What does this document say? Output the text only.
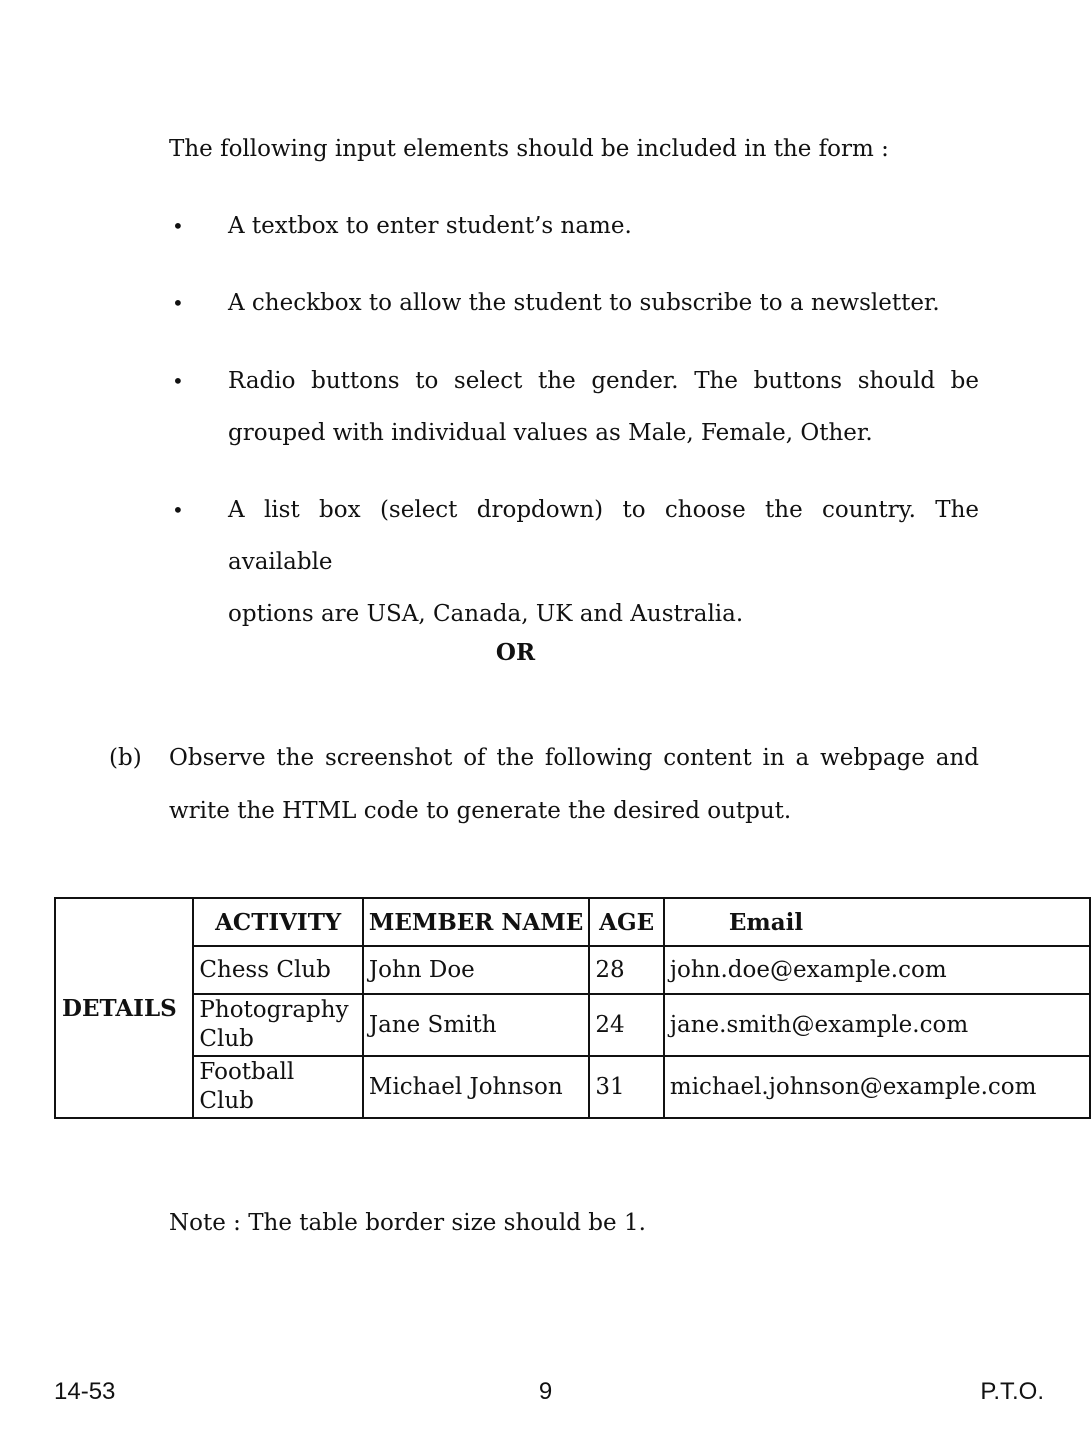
The following input elements should be included in the form :

• A textbox to enter student’s name.
• A checkbox to allow the student to subscribe to a newsletter.
• Radio buttons to select the gender. The buttons should be
grouped with individual values as Male, Female, Other.
• A list box (select dropdown) to choose the country. The available
options are USA, Canada, UK and Australia.
OR
(b) Observe the screenshot of the following content in a webpage and
write the HTML code to generate the desired output.
DETAILS	ACTIVITY	MEMBER NAME	AGE	Email
	Chess Club	John Doe	28	john.doe@example.com
	Photography
Club	Jane Smith	24	jane.smith@example.com
	Football
Club	Michael Johnson	31	michael.johnson@example.com

Note : The table border size should be 1.

14-53	9	P.T.O.
